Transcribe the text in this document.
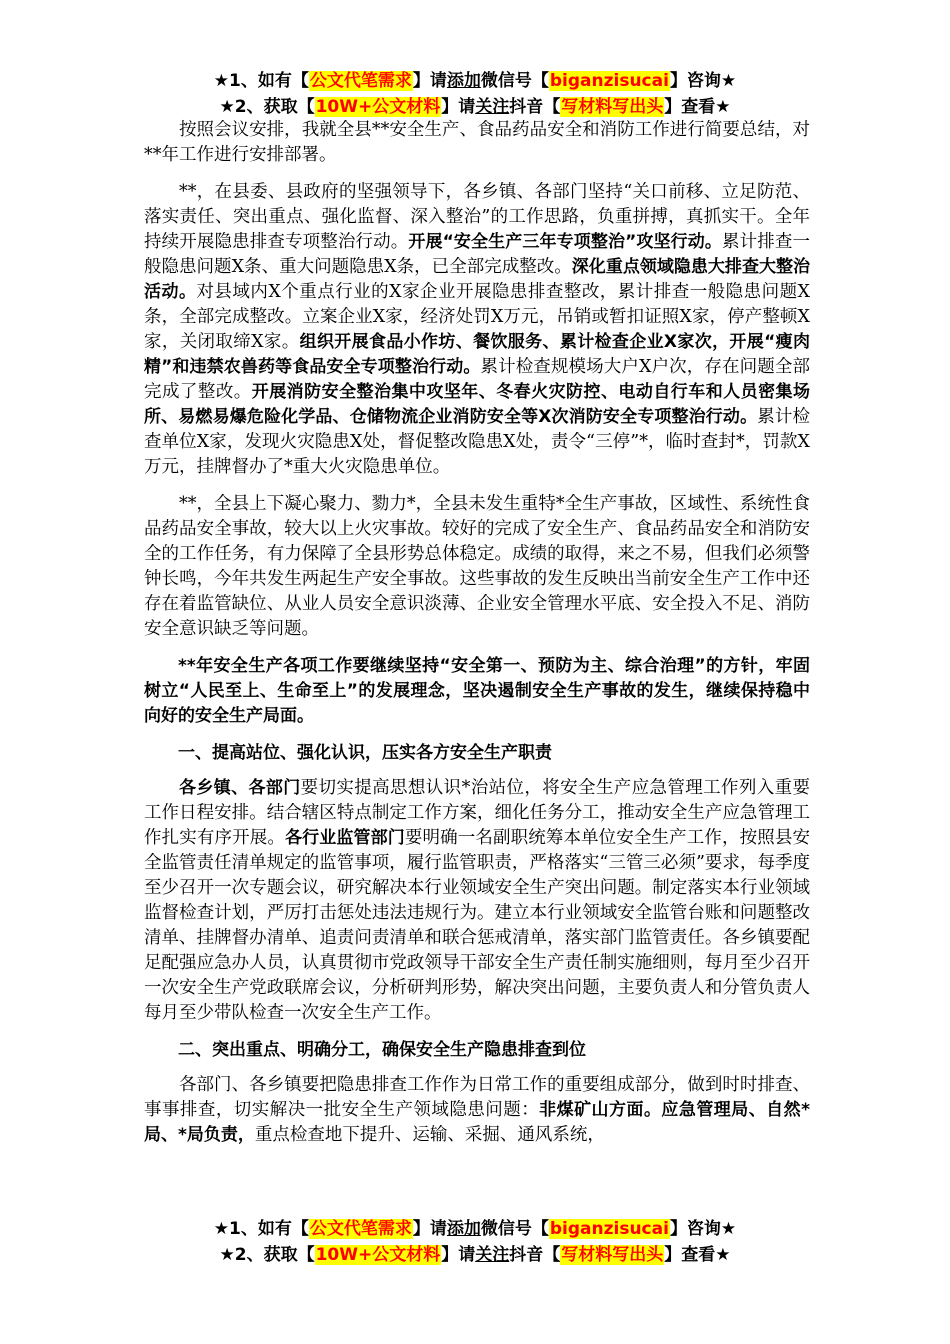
★1、如有【公文代笔需求】请添加微信号【biganzisucai】咨询★
★2、获取【10W+公文材料】请关注抖音【写材料写出头】查看★

按照会议安排，我就全县**安全生产、食品药品安全和消防工作进行简要总结，对**年工作进行安排部署。

**，在县委、县政府的坚强领导下，各乡镇、各部门坚持“关口前移、立足防范、落实责任、突出重点、强化监督、深入整治”的工作思路，负重拼搏，真抓实干。全年持续开展隐患排查专项整治行动。开展“安全生产三年专项整治”攻坚行动。累计排查一般隐患问题X条、重大问题隐患X条，已全部完成整改。深化重点领域隐患大排查大整治活动。对县域内X个重点行业的X家企业开展隐患排查整改，累计排查一般隐患问题X条，全部完成整改。立案企业X家，经济处罚X万元，吊销或暂扣证照X家，停产整顿X家，关闭取缔X家。组织开展食品小作坊、餐饮服务、累计检查企业X家次，开展“瘦肉精”和违禁农兽药等食品安全专项整治行动。累计检查规模场大户X户次，存在问题全部完成了整改。开展消防安全整治集中攻坚年、冬春火灾防控、电动自行车和人员密集场所、易燃易爆危险化学品、仓储物流企业消防安全等X次消防安全专项整治行动。累计检查单位X家，发现火灾隐患X处，督促整改隐患X处，责令“三停”*，临时查封*，罚款X万元，挂牌督办了*重大火灾隐患单位。

**，全县上下凝心聚力、勠力*，全县未发生重特*全生产事故，区域性、系统性食品药品安全事故，较大以上火灾事故。较好的完成了安全生产、食品药品安全和消防安全的工作任务，有力保障了全县形势总体稳定。成绩的取得，来之不易，但我们必须警钟长鸣，今年共发生两起生产安全事故。这些事故的发生反映出当前安全生产工作中还存在着监管缺位、从业人员安全意识淡薄、企业安全管理水平底、安全投入不足、消防安全意识缺乏等问题。

**年安全生产各项工作要继续坚持“安全第一、预防为主、综合治理”的方针，牢固树立“人民至上、生命至上”的发展理念，坚决遏制安全生产事故的发生，继续保持稳中向好的安全生产局面。

一、提高站位、强化认识，压实各方安全生产职责

各乡镇、各部门要切实提高思想认识*治站位，将安全生产应急管理工作列入重要工作日程安排。结合辖区特点制定工作方案，细化任务分工，推动安全生产应急管理工作扎实有序开展。各行业监管部门要明确一名副职统筹本单位安全生产工作，按照县安全监管责任清单规定的监管事项，履行监管职责，严格落实“三管三必须”要求，每季度至少召开一次专题会议，研究解决本行业领域安全生产突出问题。制定落实本行业领域监督检查计划，严厉打击惩处违法违规行为。建立本行业领域安全监管台账和问题整改清单、挂牌督办清单、追责问责清单和联合惩戒清单，落实部门监管责任。各乡镇要配足配强应急办人员，认真贯彻市党政领导干部安全生产责任制实施细则，每月至少召开一次安全生产党政联席会议，分析研判形势，解决突出问题，主要负责人和分管负责人每月至少带队检查一次安全生产工作。

二、突出重点、明确分工，确保安全生产隐患排查到位

各部门、各乡镇要把隐患排查工作作为日常工作的重要组成部分，做到时时排查、事事排查，切实解决一批安全生产领域隐患问题：非煤矿山方面。应急管理局、自然*局、*局负责，重点检查地下提升、运输、采掘、通风系统，

★1、如有【公文代笔需求】请添加微信号【biganzisucai】咨询★
★2、获取【10W+公文材料】请关注抖音【写材料写出头】查看★
